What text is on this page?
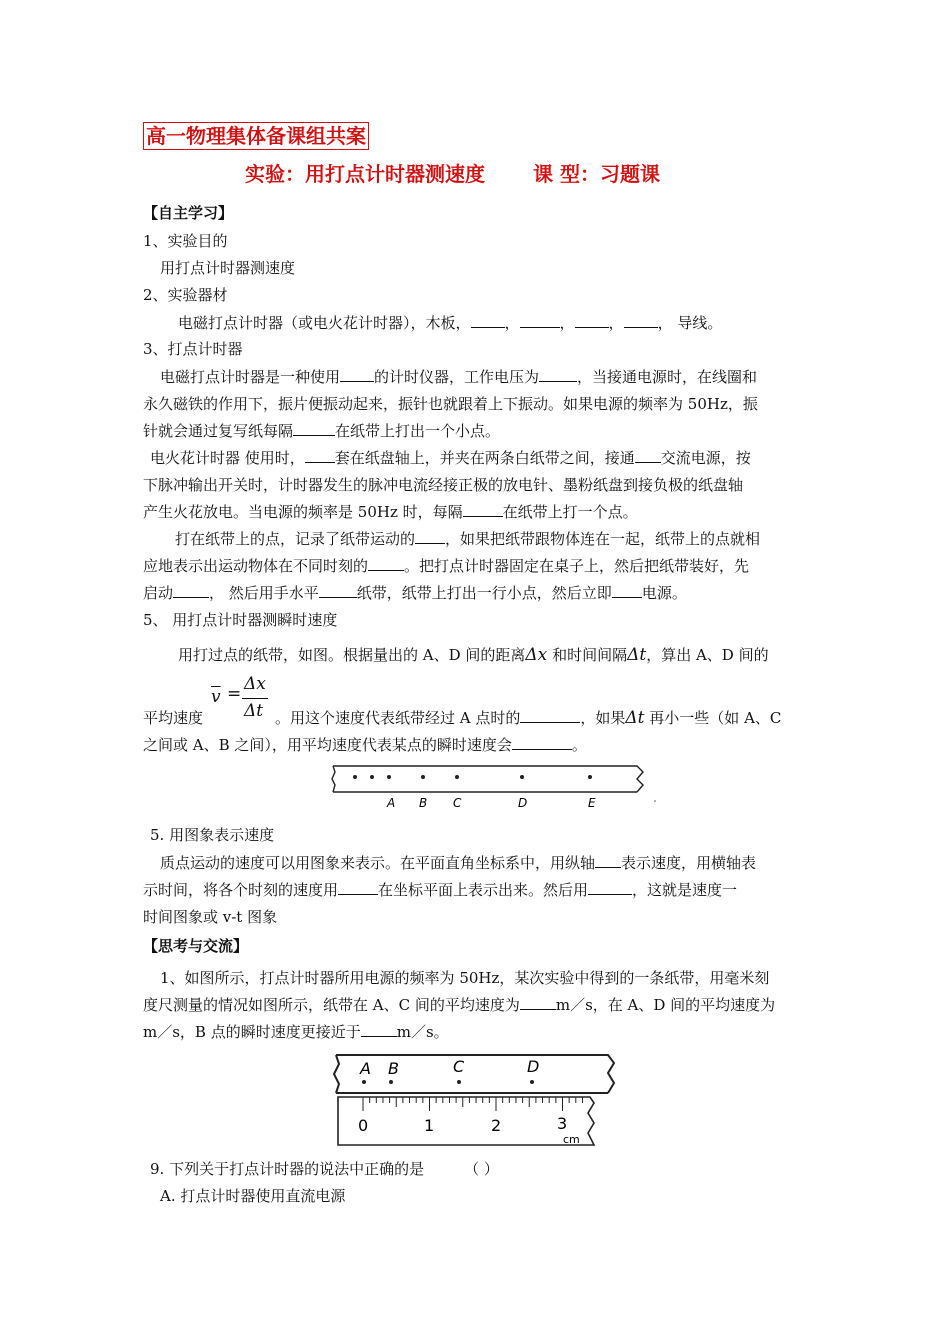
高一物理集体备课组共案
实验：用打点计时器测速度 课 型：习题课
【自主学习】
1、实验目的
用打点计时器测速度
2、实验器材
电磁打点计时器（或电火花计时器），木板， ，	， ， ， 导线。
3、打点计时器
电磁打点计时器是一种使用 的计时仪器，工作电压为	，当接通电源时，在线圈和
永久磁铁的作用下，振片便振动起来，振针也就跟着上下振动。如果电源的频率为 50Hz，振
针就会通过复写纸每隔	在纸带上打出一个小点。
电火花计时器 使用时， 套在纸盘轴上，并夹在两条白纸带之间，接通 交流电源，按
下脉冲输出开关时，计时器发生的脉冲电流经接正极的放电针、墨粉纸盘到接负极的纸盘轴
产生火花放电。当电源的频率是 50Hz 时，每隔	在纸带上打一个点。
打在纸带上的点，记录了纸带运动的 ，如果把纸带跟物体连在一起，纸带上的点就相
应地表示出运动物体在不同时刻的 。把打点计时器固定在桌子上，然后把纸带装好，先
启动 ， 然后用手水平	纸带，纸带上打出一行小点，然后立即 电源。
5、 用打点计时器测瞬时速度
用打过点的纸带，如图。根据量出的 A、D 间的距离Δx 和时间间隔Δt，算出 A、D 间的
$\overline{v} = \Delta x$
Δt
平均速度	。用这个速度代表纸带经过 A 点时的	，如果Δt 再小一些（如 A、C
之间或 A、B 之间），用平均速度代表某点的瞬时速度会	。
A B C	D	E
5. 用图象表示速度
质点运动的速度可以用图象来表示。在平面直角坐标系中，用纵轴 表示速度，用横轴表
示时间，将各个时刻的速度用	在坐标平面上表示出来。然后用	，这就是速度一
时间图象或 v-t 图象
【思考与交流】
1、如图所示，打点计时器所用电源的频率为 50Hz，某次实验中得到的一条纸带，用毫米刻
度尺测量的情况如图所示，纸带在 A、C 间的平均速度为 m／s，在 A、D 间的平均速度为
m／s，B 点的瞬时速度更接近于 m／s。
A B	C	D
0	1	2	3
cm
9. 下列关于打点计时器的说法中正确的是	（ ）
A. 打点计时器使用直流电源
